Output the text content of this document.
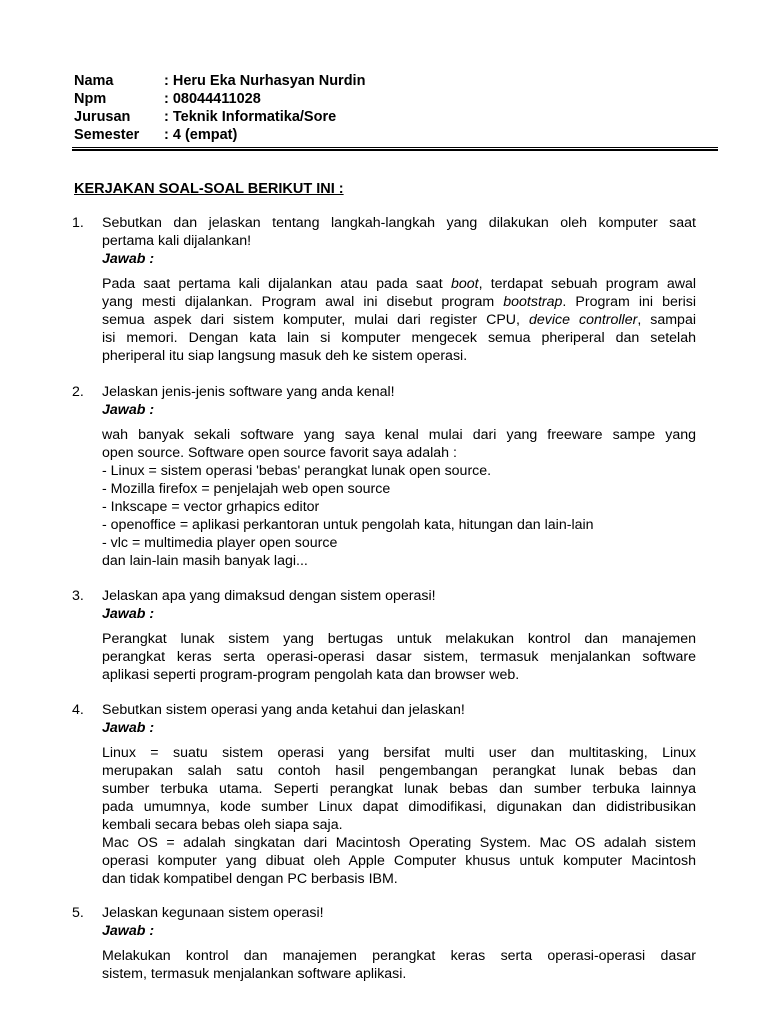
Nama	: Heru Eka Nurhasyan Nurdin
Npm	: 08044411028
Jurusan : Teknik Informatika/Sore
Semester : 4 (empat)
KERJAKAN SOAL-SOAL BERIKUT INI :
1. Sebutkan dan jelaskan tentang langkah-langkah yang dilakukan oleh komputer saat
pertama kali dijalankan!
Jawab :
Pada saat pertama kali dijalankan atau pada saat boot, terdapat sebuah program awal
yang mesti dijalankan. Program awal ini disebut program bootstrap. Program ini berisi
semua aspek dari sistem komputer, mulai dari register CPU, device controller, sampai
isi memori. Dengan kata lain si komputer mengecek semua pheriperal dan setelah
pheriperal itu siap langsung masuk deh ke sistem operasi.
2. Jelaskan jenis-jenis software yang anda kenal!
Jawab :
wah banyak sekali software yang saya kenal mulai dari yang freeware sampe yang
open source. Software open source favorit saya adalah :
- Linux = sistem operasi 'bebas' perangkat lunak open source.
- Mozilla firefox = penjelajah web open source
- Inkscape = vector grhapics editor
- openoffice = aplikasi perkantoran untuk pengolah kata, hitungan dan lain-lain
- vlc = multimedia player open source
dan lain-lain masih banyak lagi...
3. Jelaskan apa yang dimaksud dengan sistem operasi!
Jawab :
Perangkat lunak sistem yang bertugas untuk melakukan kontrol dan manajemen
perangkat keras serta operasi-operasi dasar sistem, termasuk menjalankan software
aplikasi seperti program-program pengolah kata dan browser web.
4. Sebutkan sistem operasi yang anda ketahui dan jelaskan!
Jawab :
Linux = suatu sistem operasi yang bersifat multi user dan multitasking, Linux
merupakan salah satu contoh hasil pengembangan perangkat lunak bebas dan
sumber terbuka utama. Seperti perangkat lunak bebas dan sumber terbuka lainnya
pada umumnya, kode sumber Linux dapat dimodifikasi, digunakan dan didistribusikan
kembali secara bebas oleh siapa saja.
Mac OS = adalah singkatan dari Macintosh Operating System. Mac OS adalah sistem
operasi komputer yang dibuat oleh Apple Computer khusus untuk komputer Macintosh
dan tidak kompatibel dengan PC berbasis IBM.
5. Jelaskan kegunaan sistem operasi!
Jawab :
Melakukan kontrol dan manajemen perangkat keras serta operasi-operasi dasar
sistem, termasuk menjalankan software aplikasi.
